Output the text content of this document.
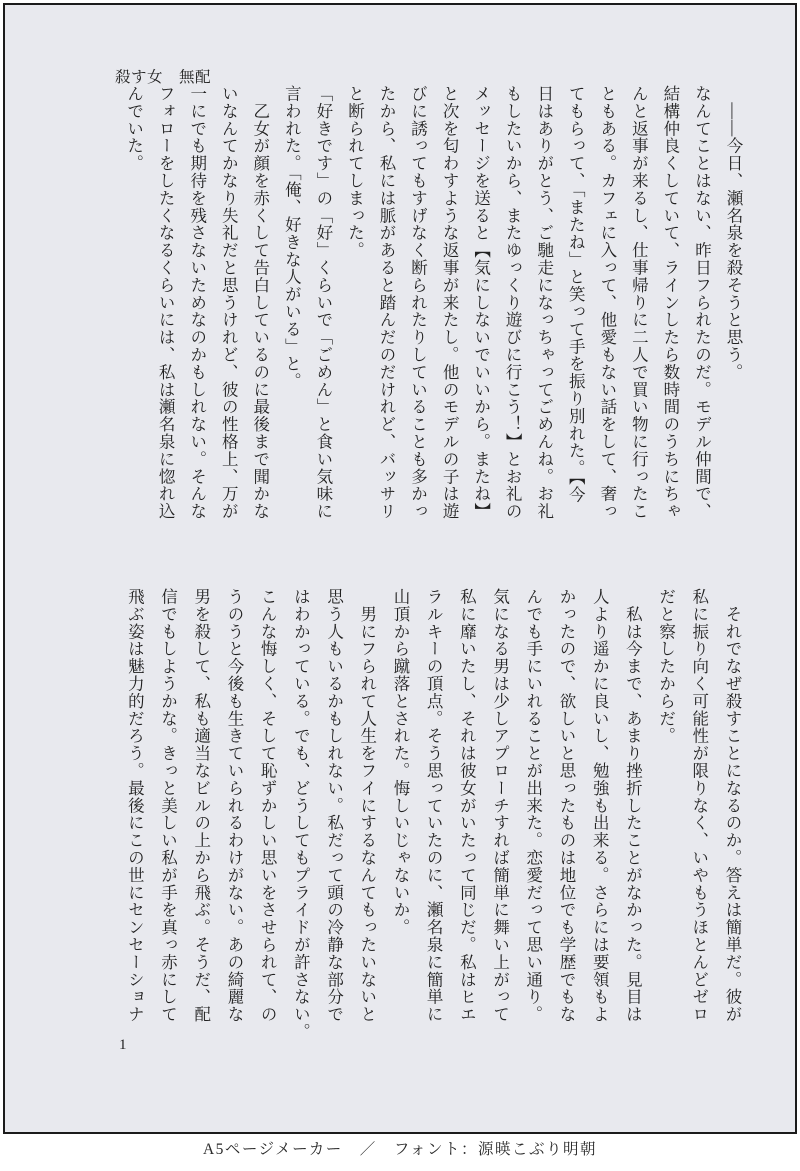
殺す女　無配
　――今日、瀬名泉を殺そうと思う。
なんてことはない、昨日フられたのだ。モデル仲間で、
結構仲良くしていて、ラインしたら数時間のうちにちゃ
んと返事が来るし、仕事帰りに二人で買い物に行ったこ
ともある。カフェに入って、他愛もない話をして、奢っ
てもらって、「またね」と笑って手を振り別れた。【今
日はありがとう、ご馳走になっちゃってごめんね。お礼
もしたいから、またゆっくり遊びに行こう！】とお礼の
メッセージを送ると【気にしないでいいから。またね】
と次を匂わすような返事が来たし。他のモデルの子は遊
びに誘ってもすげなく断られたりしていることも多かっ
たから、私には脈があると踏んだのだけれど、バッサリ
と断られてしまった。
「好きです」の「好」くらいで「ごめん」と食い気味に
言われた。「俺、好きな人がいる」と。
　乙女が顔を赤くして告白しているのに最後まで聞かな
いなんてかなり失礼だと思うけれど、彼の性格上、万が
一にでも期待を残さないためなのかもしれない。そんな
フォローをしたくなるくらいには、私は瀬名泉に惚れ込
んでいた。
　それでなぜ殺すことになるのか。答えは簡単だ。彼が
私に振り向く可能性が限りなく、いやもうほとんどゼロ
だと察したからだ。
　私は今まで、あまり挫折したことがなかった。見目は
人より遥かに良いし、勉強も出来る。さらには要領もよ
かったので、欲しいと思ったものは地位でも学歴でもな
んでも手にいれることが出来た。恋愛だって思い通り。
気になる男は少しアプローチすれば簡単に舞い上がって
私に靡いたし、それは彼女がいたって同じだ。私はヒエ
ラルキーの頂点。そう思っていたのに、瀬名泉に簡単に
山頂から蹴落とされた。悔しいじゃないか。
　男にフられて人生をフイにするなんてもったいないと
思う人もいるかもしれない。私だって頭の冷静な部分で
はわかっている。でも、どうしてもプライドが許さない。
こんな悔しく、そして恥ずかしい思いをさせられて、の
うのうと今後も生きていられるわけがない。あの綺麗な
男を殺して、私も適当なビルの上から飛ぶ。そうだ、配
信でもしようかな。きっと美しい私が手を真っ赤にして
飛ぶ姿は魅力的だろう。最後にこの世にセンセーショナ
1
A5ページメーカー　／　フォント：源暎こぶり明朝
